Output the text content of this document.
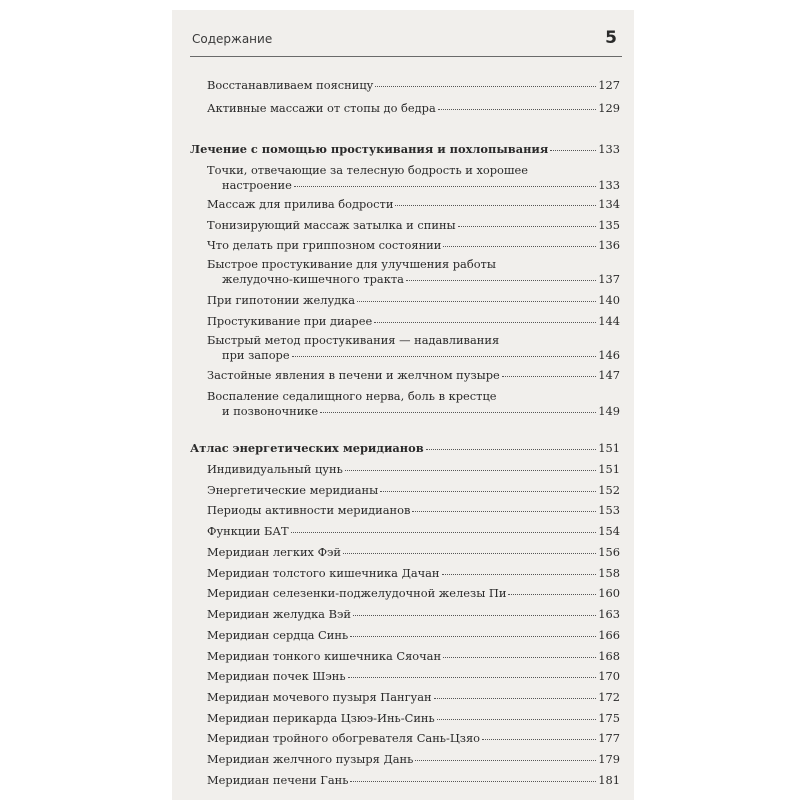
Содержание	5
Восстанавливаем поясницу	127
Активные массажи от стопы до бедра	129
Лечение с помощью простукивания и похлопывания	133
Точки, отвечающие за телесную бодрость и хорошее
настроение	133
Массаж для прилива бодрости	134
Тонизирующий массаж затылка и спины	135
Что делать при гриппозном состоянии	136
Быстрое простукивание для улучшения работы
желудочно-кишечного тракта	137
При гипотонии желудка	140
Простукивание при диарее	144
Быстрый метод простукивания — надавливания
при запоре	146
Застойные явления в печени и желчном пузыре	147
Воспаление седалищного нерва, боль в крестце
и позвоночнике	149
Атлас энергетических меридианов	151
Индивидуальный цунь	151
Энергетические меридианы	152
Периоды активности меридианов	153
Функции БАТ	154
Меридиан легких Фэй	156
Меридиан толстого кишечника Дачан	158
Меридиан селезенки-поджелудочной железы Пи	160
Меридиан желудка Вэй	163
Меридиан сердца Синь	166
Меридиан тонкого кишечника Сяочан	168
Меридиан почек Шэнь	170
Меридиан мочевого пузыря Пангуан	172
Меридиан перикарда Цзюэ-Инь-Синь	175
Меридиан тройного обогревателя Сань-Цзяо	177
Меридиан желчного пузыря Дань	179
Меридиан печени Гань	181
